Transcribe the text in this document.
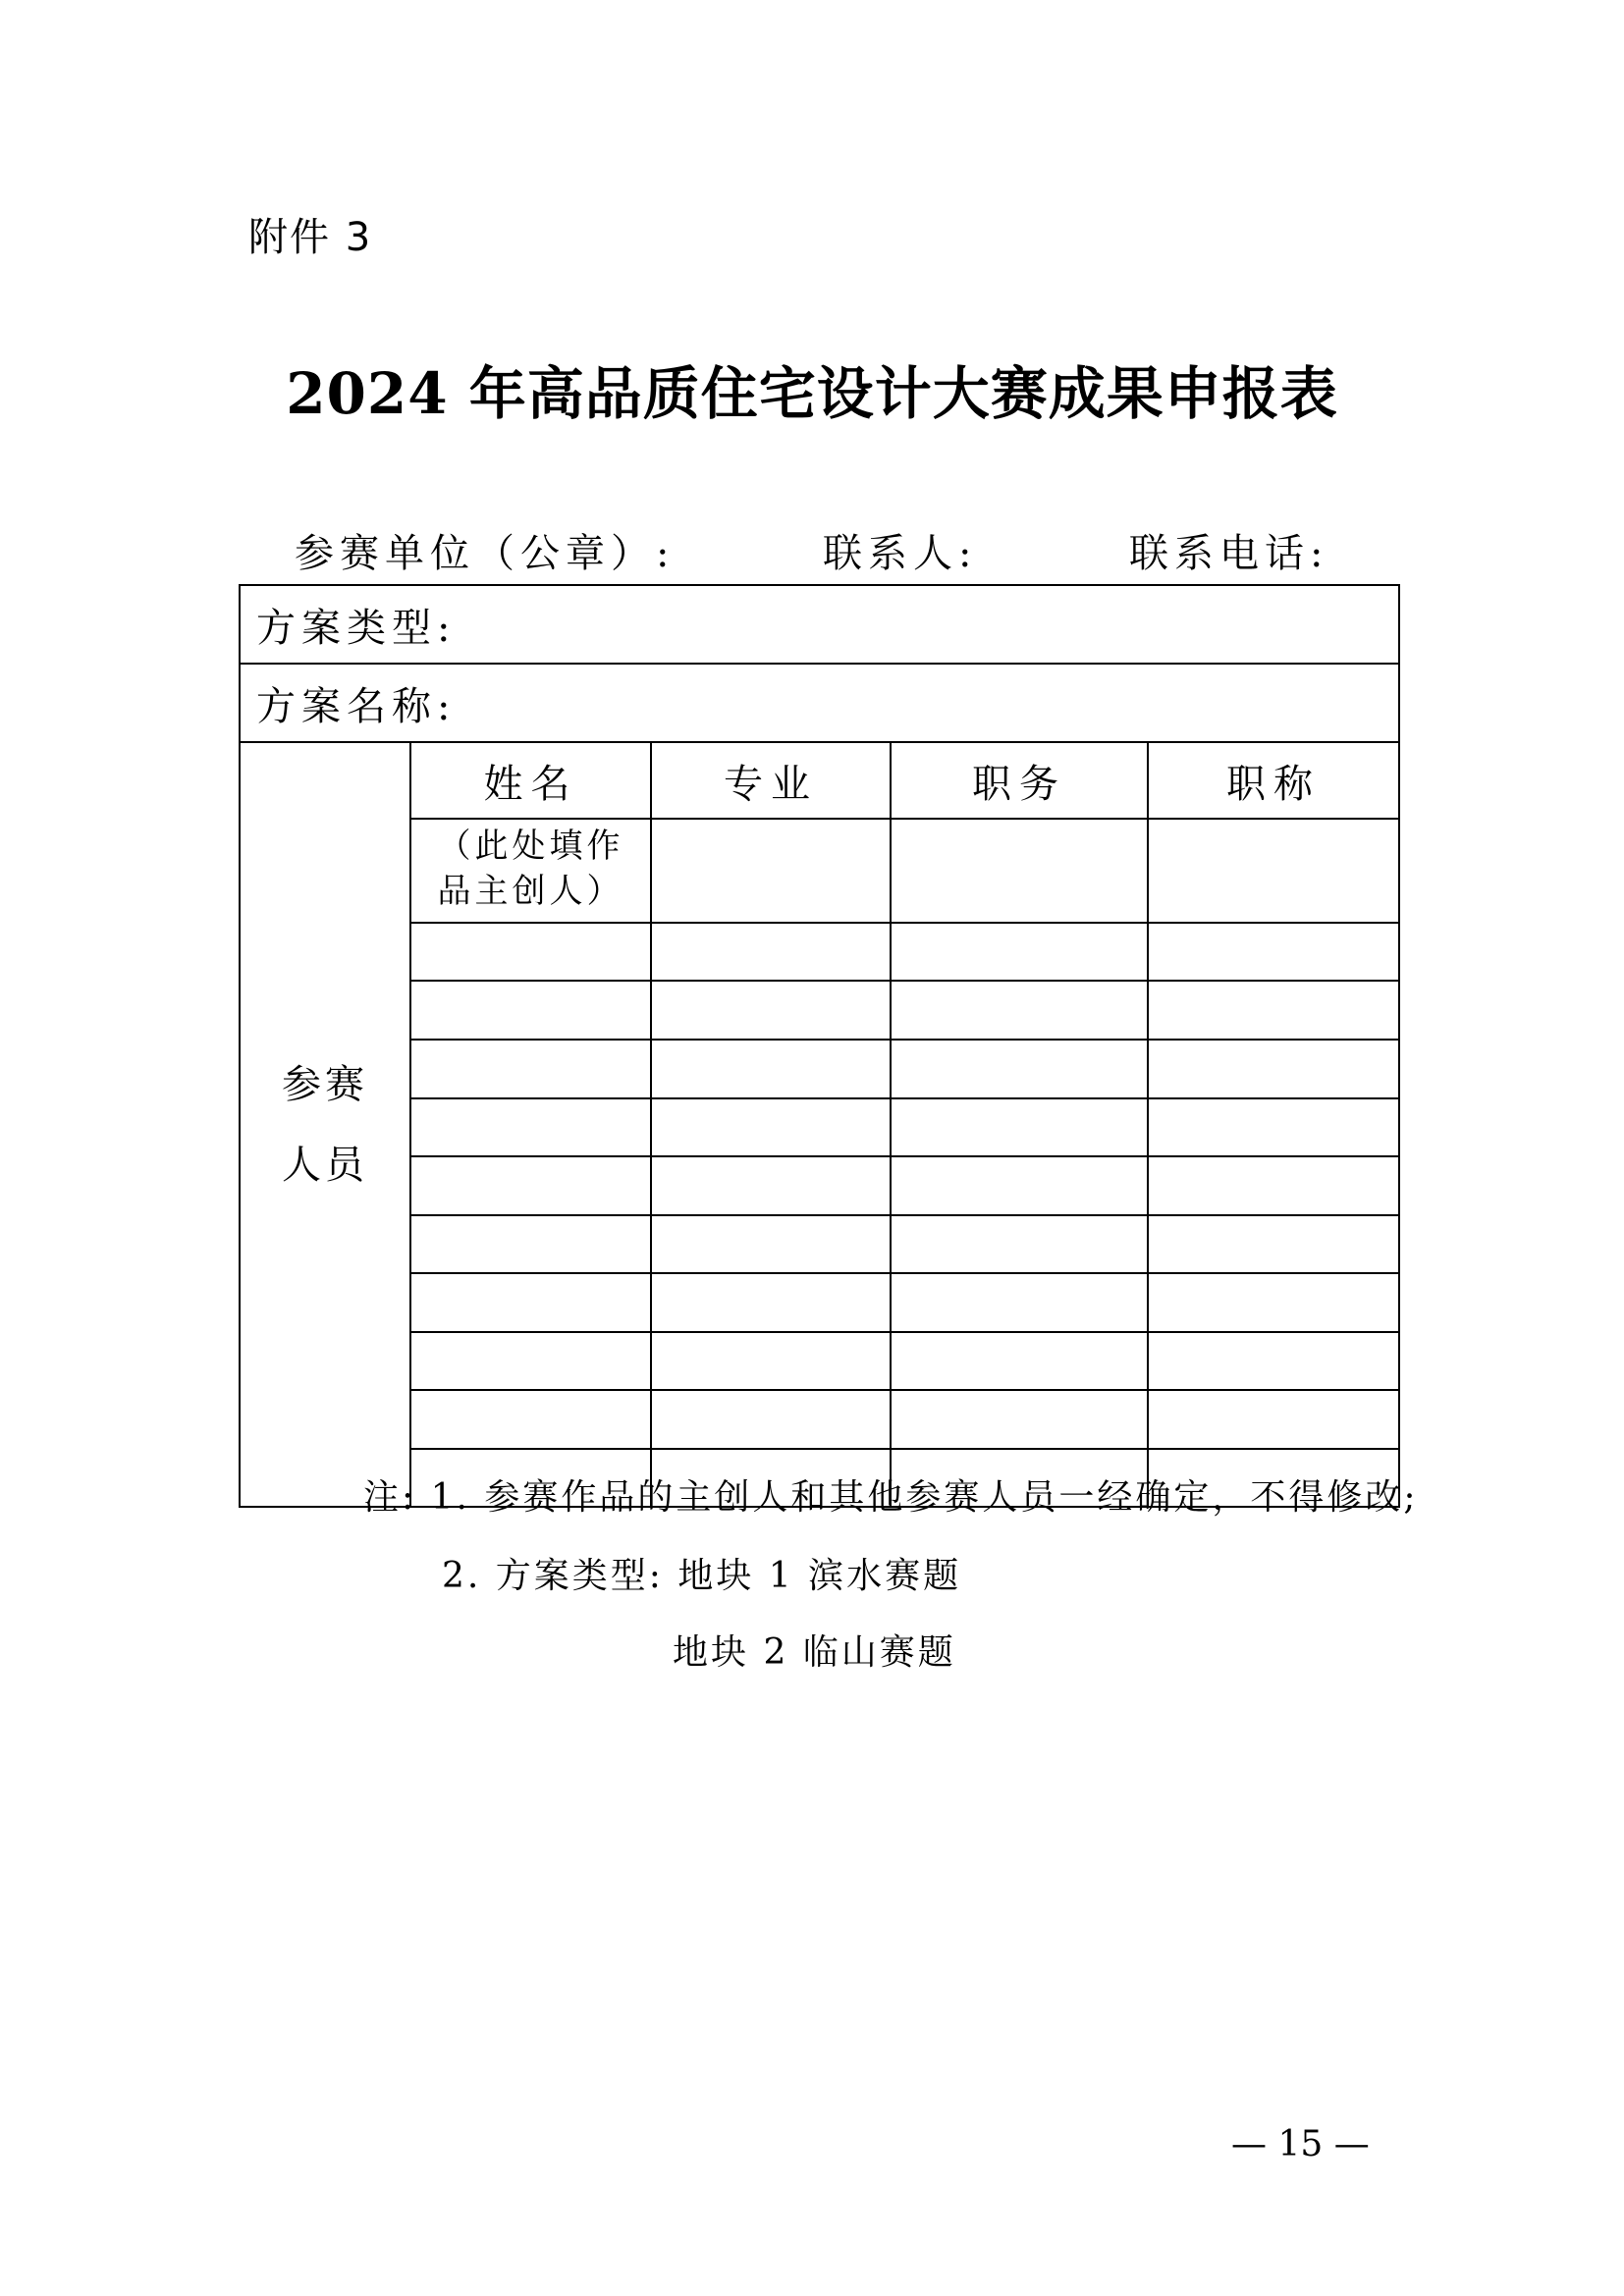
附件 3
2024 年高品质住宅设计大赛成果申报表
参赛单位（公章）:	联系人:	联系电话:
方案类型:				
方案名称:				
参赛
人员	姓名	专业	职务	职称
	（此处填作
品主创人）			

注: 1. 参赛作品的主创人和其他参赛人员一经确定，不得修改;
2. 方案类型: 地块 1 滨水赛题
地块 2 临山赛题
— 15 —
